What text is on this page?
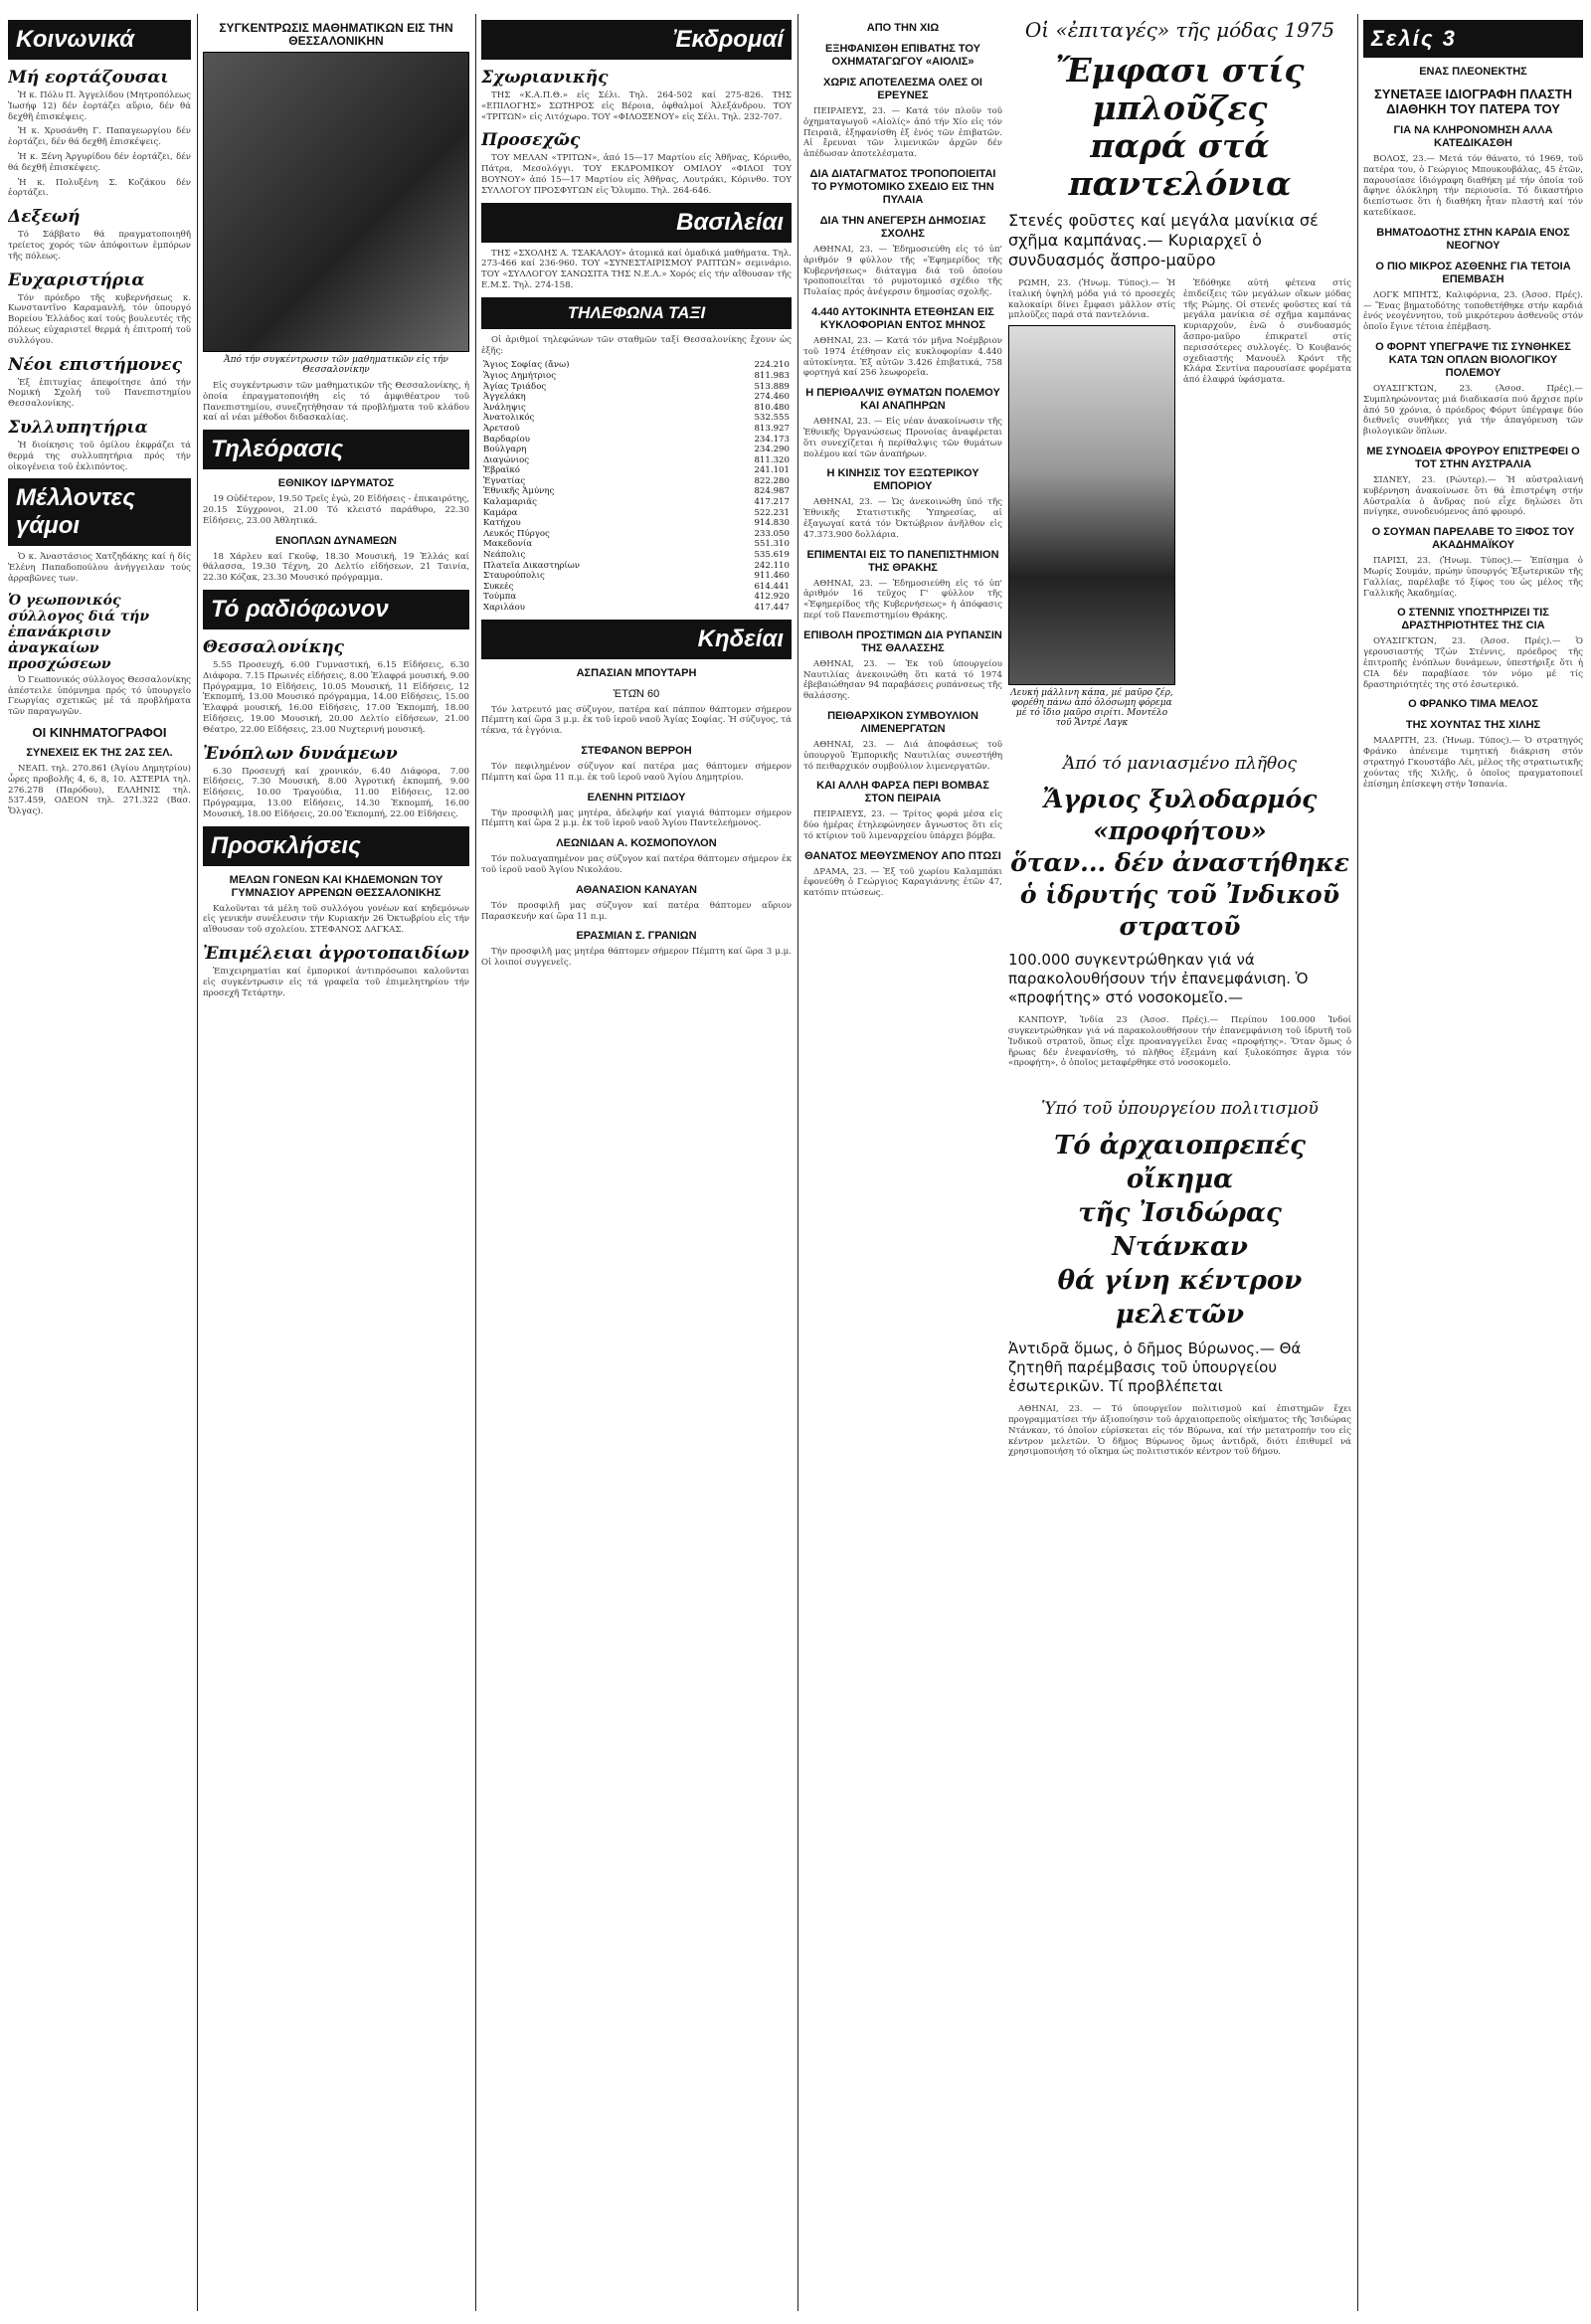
Κοινωνικά
Μή εορτάζουσαι

Ἡ κ. Πόλυ Π. Ἀγγελίδου (Μητροπόλεως Ἰωσήφ 12) δέν ἑορτάζει αὔριο, δέν θά δεχθῆ ἐπισκέψεις.

Ἡ κ. Χρυσάνθη Γ. Παπαγεωργίου δέν ἑορτάζει, δέν θά δεχθῆ ἐπισκέψεις.

Ἡ κ. Ξένη Ἀργυρίδου δέν ἑορτάζει, δέν θά δεχθῆ ἐπισκέψεις.

Ἡ κ. Πολυξένη Σ. Κοζάκου δέν ἑορτάζει.

Δεξεωή

Τό Σάββατο θά πραγματοποιηθῆ τρείετος χορός τῶν ἀπόφοιτων ἐμπόρων τῆς πόλεως.

Ευχαριστήρια

Τόν πρόεδρο τῆς κυβερνήσεως κ. Κωνσταντῖνο Καραμανλή, τόν ὑπουργό Βορείου Ἑλλάδος καί τούς βουλευτές τῆς πόλεως εὐχαριστεῖ θερμά ἡ ἐπιτροπή τοῦ συλλόγου.

Νέοι επιστήμονες

Ἐξ ἐπιτυχίας ἀπεφοίτησε ἀπό τήν Νομική Σχολή τοῦ Πανεπιστημίου Θεσσαλονίκης.

Συλλυπητήρια

Ἡ διοίκησις τοῦ ὁμίλου ἐκφράζει τά θερμά της συλλυπητήρια πρός τήν οἰκογένεια τοῦ ἐκλιπόντος.

Μέλλοντες γάμοι

Ὁ κ. Ἀναστάσιος Χατζηδάκης καί ἡ δίς Ἑλένη Παπαδοπούλου ἀνήγγειλαν τούς ἀρραβῶνες των.

Ὁ γεωπονικός σύλλογος διά τήν ἐπανάκρισιν ἀναγκαίων προσχώσεων

Ὁ Γεωπονικός σύλλογος Θεσσαλονίκης ἀπέστειλε ὑπόμνημα πρός τό ὑπουργεῖο Γεωργίας σχετικῶς μέ τά προβλήματα τῶν παραγωγῶν.

ΟΙ ΚΙΝΗΜΑΤΟΓΡΑΦΟΙ
ΣΥΝΕΧΕΙΣ ΕΚ ΤΗΣ 2ΑΣ ΣΕΛ.

ΝΕΑΠ. τηλ. 270.861 (Ἀγίου Δημητρίου) ὧρες προβολῆς 4, 6, 8, 10. ΑΣΤΕΡΙΑ τηλ. 276.278 (Παρόδου), ΕΛΛΗΝΙΣ τηλ. 537.459, ΟΔΕΟΝ τηλ. 271.322 (Βασ. Ὄλγας).

ΣΥΓΚΕΝΤΡΩΣΙΣ ΜΑΘΗΜΑΤΙΚΩΝ ΕΙΣ ΤΗΝ ΘΕΣΣΑΛΟΝΙΚΗΝ
Ἀπό τήν συγκέντρωσιν τῶν μαθηματικῶν εἰς τήν Θεσσαλονίκην

Εἰς συγκέντρωσιν τῶν μαθηματικῶν τῆς Θεσσαλονίκης, ἡ ὁποία ἐπραγματοποιήθη εἰς τό ἀμφιθέατρον τοῦ Πανεπιστημίου, συνεζητήθησαν τά προβλήματα τοῦ κλάδου καί αἱ νέαι μέθοδοι διδασκαλίας.

Τηλεόρασις
ΕΘΝΙΚΟΥ ΙΔΡΥΜΑΤΟΣ

19 Οὐδέτερον, 19.50 Τρεῖς ἐγώ, 20 Εἰδήσεις - ἐπικαιρότης, 20.15 Σύγχρονοι, 21.00 Τό κλειστό παράθυρο, 22.30 Εἰδήσεις, 23.00 Ἀθλητικά.

ΕΝΟΠΛΩΝ ΔΥΝΑΜΕΩΝ

18 Χάρλευ καί Γκοῦφ, 18.30 Μουσική, 19 Ἑλλάς καί θάλασσα, 19.30 Τέχνη, 20 Δελτίο εἰδήσεων, 21 Ταινία, 22.30 Κόζακ, 23.30 Μουσικό πρόγραμμα.

Τό ραδιόφωνον
Θεσσαλονίκης

5.55 Προσευχή, 6.00 Γυμναστική, 6.15 Εἰδήσεις, 6.30 Διάφορα. 7.15 Πρωινές εἰδήσεις, 8.00 Ἐλαφρά μουσική, 9.00 Πρόγραμμα, 10 Εἰδήσεις, 10.05 Μουσική, 11 Εἰδήσεις, 12 Ἐκπομπή, 13.00 Μουσικό πρόγραμμα, 14.00 Εἰδήσεις, 15.00 Ἐλαφρά μουσική, 16.00 Εἰδήσεις, 17.00 Ἐκπομπή, 18.00 Εἰδήσεις, 19.00 Μουσική, 20.00 Δελτίο εἰδήσεων, 21.00 Θέατρο, 22.00 Εἰδήσεις, 23.00 Νυχτερινή μουσική.

Ἐνόπλων δυνάμεων

6.30 Προσευχή καί χρονικόν, 6.40 Διάφορα, 7.00 Εἰδήσεις, 7.30 Μουσική, 8.00 Ἀγροτική ἐκπομπή, 9.00 Εἰδήσεις, 10.00 Τραγούδια, 11.00 Εἰδήσεις, 12.00 Πρόγραμμα, 13.00 Εἰδήσεις, 14.30 Ἐκπομπή, 16.00 Μουσική, 18.00 Εἰδήσεις, 20.00 Ἐκπομπή, 22.00 Εἰδήσεις.

Προσκλήσεις
ΜΕΛΩΝ ΓΟΝΕΩΝ ΚΑΙ ΚΗΔΕΜΟΝΩΝ ΤΟΥ ΓΥΜΝΑΣΙΟΥ ΑΡΡΕΝΩΝ ΘΕΣΣΑΛΟΝΙΚΗΣ

Καλοῦνται τά μέλη τοῦ συλλόγου γονέων καί κηδεμόνων εἰς γενικήν συνέλευσιν τήν Κυριακήν 26 Ὀκτωβρίου εἰς τήν αἴθουσαν τοῦ σχολείου. ΣΤΕΦΑΝΟΣ ΔΑΓΚΑΣ.

Ἐπιμέλειαι ἀγροτοπαιδίων

Ἐπιχειρηματίαι καί ἐμπορικοί ἀντιπρόσωποι καλοῦνται εἰς συγκέντρωσιν εἰς τά γραφεῖα τοῦ ἐπιμελητηρίου τήν προσεχῆ Τετάρτην.

Ἐκδρομαί
Σχωριανικῆς

ΤΗΣ «Κ.Α.Π.Θ.» εἰς Σέλι. Τηλ. 264-502 καί 275-826. ΤΗΣ «ΕΠΙΛΟΓΗΣ» ΣΩΤΗΡΟΣ εἰς Βέροια, ὀφθαλμοί Ἀλεξάνδρου. ΤΟΥ «ΤΡΙΤΩΝ» εἰς Λιτόχωρο. ΤΟΥ «ΦΙΛΟΞΕΝΟΥ» εἰς Σέλι. Τηλ. 232-707.

Προσεχῶς

ΤΟΥ ΜΕΛΑΝ «ΤΡΙΤΩΝ», ἀπό 15—17 Μαρτίου εἰς Ἀθῆνας, Κόρινθο, Πάτρα, Μεσολόγγι. ΤΟΥ ΕΚΔΡΟΜΙΚΟΥ ΟΜΙΛΟΥ «ΦΙΛΟΙ ΤΟΥ ΒΟΥΝΟΥ» ἀπό 15—17 Μαρτίου εἰς Ἀθῆνας, Λουτράκι, Κόρινθο. ΤΟΥ ΣΥΛΛΟΓΟΥ ΠΡΟΣΦΥΓΩΝ εἰς Ὄλυμπο. Τηλ. 264-646.

Βασιλείαι

ΤΗΣ «ΣΧΟΛΗΣ Α. ΤΣΑΚΑΛΟΥ» ἀτομικά καί ὁμαδικά μαθήματα. Τηλ. 273-466 καί 236-960. ΤΟΥ «ΣΥΝΕΣΤΑΙΡΙΣΜΟΥ ΡΑΠΤΩΝ» σεμινάριο. ΤΟΥ «ΣΥΛΛΟΓΟΥ ΣΑΝΩΣΙΤΑ ΤΗΣ Ν.Ε.Λ.» Χορός εἰς τήν αἴθουσαν τῆς Ε.Μ.Σ. Τηλ. 274-158.

ΤΗΛΕΦΩΝΑ ΤΑΞΙ

Οἱ ἀριθμοί τηλεφώνων τῶν σταθμῶν ταξί Θεσσαλονίκης ἔχουν ὡς ἑξῆς:

Ἅγιος Σοφίας (ἄνω)	224.210
Ἅγιος Δημήτριος	811.983
Ἀγίας Τριάδος	513.889
Ἀγγελάκη	274.460
Ἀνάληψις	810.480
Ἀνατολικός	532.555
Ἀρετσοῦ	813.927
Βαρδαρίου	234.173
Βούλγαρη	234.290
Διαγώνιος	811.320
Ἑβραϊκό	241.101
Ἐγνατίας	822.280
Ἐθνικῆς Ἀμύνης	824.987
Καλαμαριᾶς	417.217
Καμάρα	522.231
Κατήχου	914.830
Λευκός Πύργος	233.050
Μακεδονία	551.310
Νεάπολις	535.619
Πλατεῖα Δικαστηρίων	242.110
Σταυρούπολις	911.460
Συκεές	614.441
Τούμπα	412.920
Χαριλάου	417.447
Κηδείαι
ΑΣΠΑΣΙΑΝ ΜΠΟΥΤΑΡΗ
ἘΤΩ͂Ν 60

Τόν λατρευτό μας σύζυγον, πατέρα καί πάππον θάπτομεν σήμερον Πέμπτη καί ὥρα 3 μ.μ. ἐκ τοῦ ἱεροῦ ναοῦ Ἁγίας Σοφίας. Ἡ σύζυγος, τά τέκνα, τά ἐγγόνια.

ΣΤΕΦΑΝΟΝ ΒΕΡΡΟΗ

Τόν πεφιλημένον σύζυγον καί πατέρα μας θάπτομεν σήμερον Πέμπτη καί ὥρα 11 π.μ. ἐκ τοῦ ἱεροῦ ναοῦ Ἁγίου Δημητρίου.

ΕΛΕΝΗΝ ΡΙΤΣΙΔΟΥ

Τήν προσφιλῆ μας μητέρα, ἀδελφήν καί γιαγιά θάπτομεν σήμερον Πέμπτη καί ὥρα 2 μ.μ. ἐκ τοῦ ἱεροῦ ναοῦ Ἁγίου Παντελεήμονος.

ΛΕΩΝΙΔΑΝ Α. ΚΟΣΜΟΠΟΥΛΟΝ

Τόν πολυαγαπημένον μας σύζυγον καί πατέρα θάπτομεν σήμερον ἐκ τοῦ ἱεροῦ ναοῦ Ἁγίου Νικολάου.

ΑΘΑΝΑΣΙΟΝ ΚΑΝΑΥΑΝ

Τόν προσφιλῆ μας σύζυγον καί πατέρα θάπτομεν αὔριον Παρασκευήν καί ὥρα 11 π.μ.

ΕΡΑΣΜΙΑΝ Σ. ΓΡΑΝΙΩΝ

Τήν προσφιλῆ μας μητέρα θάπτομεν σήμερον Πέμπτη καί ὥρα 3 μ.μ. Οἱ λοιποί συγγενεῖς.

ΑΠΟ ΤΗΝ ΧΙΩ
ΕΞΗΦΑΝΙΣΘΗ ΕΠΙΒΑΤΗΣ ΤΟΥ ΟΧΗΜΑΤΑΓΩΓΟΥ «ΑΙΟΛΙΣ»
ΧΩΡΙΣ ΑΠΟΤΕΛΕΣΜΑ ΟΛΕΣ ΟΙ ΕΡΕΥΝΕΣ

ΠΕΙΡΑΙΕΥΣ, 23. — Κατά τόν πλοῦν τοῦ ὀχηματαγωγοῦ «Αἰολίς» ἀπό τήν Χίο εἰς τόν Πειραιᾶ, ἐξηφανίσθη ἐξ ἑνός τῶν ἐπιβατῶν. Αἱ ἔρευναι τῶν λιμενικῶν ἀρχῶν δέν ἀπέδωσαν ἀποτελέσματα.

ΔΙΑ ΔΙΑΤΑΓΜΑΤΟΣ ΤΡΟΠΟΠΟΙΕΙΤΑΙ ΤΟ ΡΥΜΟΤΟΜΙΚΟ ΣΧΕΔΙΟ ΕΙΣ ΤΗΝ ΠΥΛΑΙΑ
ΔΙΑ ΤΗΝ ΑΝΕΓΕΡΣΗ ΔΗΜΟΣΙΑΣ ΣΧΟΛΗΣ

ΑΘΗΝΑΙ, 23. — Ἐδημοσιεύθη εἰς τό ὑπ' ἀριθμόν 9 φύλλον τῆς «Ἐφημερίδος τῆς Κυβερνήσεως» διάταγμα διά τοῦ ὁποίου τροποποιεῖται τό ρυμοτομικό σχέδιο τῆς Πυλαίας πρός ἀνέγερσιν δημοσίας σχολῆς.

4.440 ΑΥΤΟΚΙΝΗΤΑ ΕΤΕΘΗΣΑΝ ΕΙΣ ΚΥΚΛΟΦΟΡΙΑΝ ΕΝΤΟΣ ΜΗΝΟΣ

ΑΘΗΝΑΙ, 23. — Κατά τόν μῆνα Νοέμβριον τοῦ 1974 ἐτέθησαν εἰς κυκλοφορίαν 4.440 αὐτοκίνητα. Ἐξ αὐτῶν 3.426 ἐπιβατικά, 758 φορτηγά καί 256 λεωφορεῖα.

Η ΠΕΡΙΘΑΛΨΙΣ ΘΥΜΑΤΩΝ ΠΟΛΕΜΟΥ ΚΑΙ ΑΝΑΠΗΡΩΝ

ΑΘΗΝΑΙ, 23. — Εἰς νέαν ἀνακοίνωσιν τῆς Ἐθνικῆς Ὀργανώσεως Προνοίας ἀναφέρεται ὅτι συνεχίζεται ἡ περίθαλψις τῶν θυμάτων πολέμου καί τῶν ἀναπήρων.

Η ΚΙΝΗΣΙΣ ΤΟΥ ΕΞΩΤΕΡΙΚΟΥ ΕΜΠΟΡΙΟΥ

ΑΘΗΝΑΙ, 23. — Ὡς ἀνεκοινώθη ὑπό τῆς Ἐθνικῆς Στατιστικῆς Ὑπηρεσίας, αἱ ἐξαγωγαί κατά τόν Ὀκτώβριον ἀνῆλθον εἰς 47.373.900 δολλάρια.

ΕΠΙΜΕΝΤΑΙ ΕΙΣ ΤΟ ΠΑΝΕΠΙΣΤΗΜΙΟΝ ΤΗΣ ΘΡΑΚΗΣ

ΑΘΗΝΑΙ, 23. — Ἐδημοσιεύθη εἰς τό ὑπ' ἀριθμόν 16 τεῦχος Γ' φύλλον τῆς «Ἐφημερίδος τῆς Κυβερνήσεως» ἡ ἀπόφασις περί τοῦ Πανεπιστημίου Θράκης.

ΕΠΙΒΟΛΗ ΠΡΟΣΤΙΜΩΝ ΔΙΑ ΡΥΠΑΝΣΙΝ ΤΗΣ ΘΑΛΑΣΣΗΣ

ΑΘΗΝΑΙ, 23. — Ἐκ τοῦ ὑπουργείου Ναυτιλίας ἀνεκοινώθη ὅτι κατά τό 1974 ἐβεβαιώθησαν 94 παραβάσεις ρυπάνσεως τῆς θαλάσσης.

ΠΕΙΘΑΡΧΙΚΟΝ ΣΥΜΒΟΥΛΙΟΝ ΛΙΜΕΝΕΡΓΑΤΩΝ

ΑΘΗΝΑΙ, 23. — Διά ἀποφάσεως τοῦ ὑπουργοῦ Ἐμπορικῆς Ναυτιλίας συνεστήθη τό πειθαρχικόν συμβούλιον λιμενεργατῶν.

ΚΑΙ ΑΛΛΗ ΦΑΡΣΑ ΠΕΡΙ ΒΟΜΒΑΣ ΣΤΟΝ ΠΕΙΡΑΙΑ

ΠΕΙΡΑΙΕΥΣ, 23. — Τρίτος φορά μέσα εἰς δύο ἡμέρας ἐτηλεφώνησεν ἄγνωστος ὅτι εἰς τό κτίριον τοῦ λιμεναρχείου ὑπάρχει βόμβα.

ΘΑΝΑΤΟΣ ΜΕΘΥΣΜΕΝΟΥ ΑΠΟ ΠΤΩΣΙ

ΔΡΑΜΑ, 23. — Ἐξ τοῦ χωρίου Καλαμπάκι ἐφονεύθη ὁ Γεώργιος Καραγιάννης ἐτῶν 47, κατόπιν πτώσεως.

Οἱ «ἐπιταγές» τῆς μόδας 1975
Ἔμφασι στίς μπλοῦζες
παρά στά παντελόνια
Στενές φοῦστες καί μεγάλα μανίκια σέ σχῆμα καμπάνας.— Κυριαρχεῖ ὁ συνδυασμός ἄσπρο-μαῦρο

ΡΩΜΗ, 23. (Ἠνωμ. Τύπος).— Ἡ ἰταλική ὑψηλή μόδα γιά τό προσεχές καλοκαίρι δίνει ἔμφασι μᾶλλον στίς μπλοῦζες παρά στά παντελόνια.

Λευκή μάλλινη κάπα, μέ μαῦρο ζέρ, φορέθη πάνω ἀπό ὁλόσωμη φόρεμα μέ τό ἴδιο μαῦρο σιρίτι. Μοντέλο τοῦ Ἄντρέ Λαγκ

Ἐδόθηκε αὐτή φέτενα στίς ἐπιδείξεις τῶν μεγάλων οἴκων μόδας τῆς Ρώμης. Οἱ στενές φοῦστες καί τά μεγάλα μανίκια σέ σχῆμα καμπάνας κυριαρχοῦν, ἐνῶ ὁ συνδυασμός ἄσπρο-μαῦρο ἐπικρατεῖ στίς περισσότερες συλλογές. Ὁ Κουβανός σχεδιαστής Μανουέλ Κρόντ τῆς Κλάρα Σεντίνα παρουσίασε φορέματα ἀπό ἐλαφρά ὑφάσματα.

Ἀπό τό μανιασμένο πλῆθος
Ἄγριος ξυλοδαρμός «προφήτου»
ὅταν... δέν ἀναστήθηκε
ὁ ἱδρυτής τοῦ Ἰνδικοῦ στρατοῦ
100.000 συγκεντρώθηκαν γιά νά παρακολουθήσουν τήν ἐπανεμφάνιση. Ὁ «προφήτης» στό νοσοκομεῖο.—

ΚΑΝΠΟΥΡ, Ἰνδία 23 (Ἀσοσ. Πρές).— Περίπου 100.000 Ἰνδοί συγκεντρώθηκαν γιά νά παρακολουθήσουν τήν ἐπανεμφάνιση τοῦ ἱδρυτῆ τοῦ Ἰνδικοῦ στρατοῦ, ὅπως εἶχε προαναγγείλει ἕνας «προφήτης». Ὅταν ὅμως ὁ ἥρωας δέν ἐνεφανίσθη, τό πλῆθος ἐξεμάνη καί ξυλοκόπησε ἄγρια τόν «προφήτη», ὁ ὁποῖος μεταφέρθηκε στό νοσοκομεῖο.

Ὑπό τοῦ ὑπουργείου πολιτισμοῦ
Τό ἀρχαιοπρεπές οἴκημα
τῆς Ἰσιδώρας Ντάνκαν
θά γίνη κέντρον μελετῶν
Ἀντιδρᾶ ὅμως, ὁ δῆμος Βύρωνος.— Θά ζητηθῆ παρέμβασις τοῦ ὑπουργείου ἐσωτερικῶν. Τί προβλέπεται

ΑΘΗΝΑΙ, 23. — Τό ὑπουργεῖον πολιτισμοῦ καί ἐπιστημῶν ἔχει προγραμματίσει τήν ἀξιοποίησιν τοῦ ἀρχαιοπρεποῦς οἰκήματος τῆς Ἰσιδώρας Ντάνκαν, τό ὁποῖον εὑρίσκεται εἰς τόν Βύρωνα, καί τήν μετατροπήν του εἰς κέντρον μελετῶν. Ὁ δῆμος Βύρωνος ὅμως ἀντιδρᾶ, διότι ἐπιθυμεῖ νά χρησιμοποιήση τό οἴκημα ὡς πολιτιστικόν κέντρον τοῦ δήμου.

Σελίς 3
ΕΝΑΣ ΠΛΕΟΝΕΚΤΗΣ
ΣΥΝΕΤΑΞΕ ΙΔΙΟΓΡΑΦΗ ΠΛΑΣΤΗ ΔΙΑΘΗΚΗ ΤΟΥ ΠΑΤΕΡΑ ΤΟΥ
ΓΙΑ ΝΑ ΚΛΗΡΟΝΟΜΗΣΗ ΑΛΛΑ ΚΑΤΕΔΙΚΑΣΘΗ

ΒΟΛΟΣ, 23.— Μετά τόν θάνατο, τό 1969, τοῦ πατέρα του, ὁ Γεώργιος Μπουκουβάλας, 45 ἐτῶν, παρουσίασε ἰδιόγραφη διαθήκη μέ τήν ὁποία τοῦ ἄφηνε ὁλόκληρη τήν περιουσία. Τό δικαστήριο διεπίστωσε ὅτι ἡ διαθήκη ἦταν πλαστή καί τόν κατεδίκασε.

ΒΗΜΑΤΟΔΟΤΗΣ ΣΤΗΝ ΚΑΡΔΙΑ ΕΝΟΣ ΝΕΟΓΝΟΥ
Ο ΠΙΟ ΜΙΚΡΟΣ ΑΣΘΕΝΗΣ ΓΙΑ ΤΕΤΟΙΑ ΕΠΕΜΒΑΣΗ

ΛΟΓΚ ΜΠΗΤΣ, Καλιφόρνια, 23. (Ἀσοσ. Πρές).— Ἕνας βηματοδότης τοποθετήθηκε στήν καρδιά ἑνός νεογέννητου, τοῦ μικρότερου ἀσθενοῦς στόν ὁποῖο ἔγινε τέτοια ἐπέμβαση.

Ο ΦΟΡΝΤ ΥΠΕΓΡΑΨΕ ΤΙΣ ΣΥΝΘΗΚΕΣ ΚΑΤΑ ΤΩΝ ΟΠΛΩΝ ΒΙΟΛΟΓΙΚΟΥ ΠΟΛΕΜΟΥ

ΟΥΑΣΙΓΚΤΩΝ, 23. (Ἀσοσ. Πρές).— Συμπληρώνοντας μιά διαδικασία πού ἄρχισε πρίν ἀπό 50 χρόνια, ὁ πρόεδρος Φόρντ ὑπέγραψε δύο διεθνεῖς συνθῆκες γιά τήν ἀπαγόρευση τῶν βιολογικῶν ὅπλων.

ΜΕ ΣΥΝΟΔΕΙΑ ΦΡΟΥΡΟΥ ΕΠΙΣΤΡΕΦΕΙ Ο ΤΟΤ ΣΤΗΝ ΑΥΣΤΡΑΛΙΑ

ΣΙΔΝΕΥ, 23. (Ρώυτερ).— Ἡ αὐστραλιανή κυβέρνηση ἀνακοίνωσε ὅτι θά ἐπιστρέψη στήν Αὐστραλία ὁ ἄνδρας πού εἶχε δηλώσει ὅτι πνίγηκε, συνοδευόμενος ἀπό φρουρό.

Ο ΣΟΥΜΑΝ ΠΑΡΕΛΑΒΕ ΤΟ ΞΙΦΟΣ ΤΟΥ ΑΚΑΔΗΜΑΪΚΟΥ

ΠΑΡΙΣΙ, 23. (Ἠνωμ. Τύπος).— Ἐπίσημα ὁ Μωρίς Σουμάν, πρώην ὑπουργός Ἐξωτερικῶν τῆς Γαλλίας, παρέλαβε τό ξίφος του ὡς μέλος τῆς Γαλλικῆς Ἀκαδημίας.

Ο ΣΤΕΝΝΙΣ ΥΠΟΣΤΗΡΙΖΕΙ ΤΙΣ ΔΡΑΣΤΗΡΙΟΤΗΤΕΣ ΤΗΣ CIA

ΟΥΑΣΙΓΚΤΩΝ, 23. (Ἀσοσ. Πρές).— Ὁ γερουσιαστής Τζών Στέννις, πρόεδρος τῆς ἐπιτροπῆς ἐνόπλων δυνάμεων, ὑπεστήριξε ὅτι ἡ CIA δέν παραβίασε τόν νόμο μέ τίς δραστηριότητές της στό ἐσωτερικό.

Ο ΦΡΑΝΚΟ ΤΙΜΑ ΜΕΛΟΣ
ΤΗΣ ΧΟΥΝΤΑΣ ΤΗΣ ΧΙΛΗΣ

ΜΑΔΡΙΤΗ, 23. (Ἠνωμ. Τύπος).— Ὁ στρατηγός Φράνκο ἀπένειμε τιμητική διάκριση στόν στρατηγό Γκουστάβο Λέι, μέλος τῆς στρατιωτικῆς χούντας τῆς Χιλῆς, ὁ ὁποῖος πραγματοποιεῖ ἐπίσημη ἐπίσκεψη στήν Ἰσπανία.
